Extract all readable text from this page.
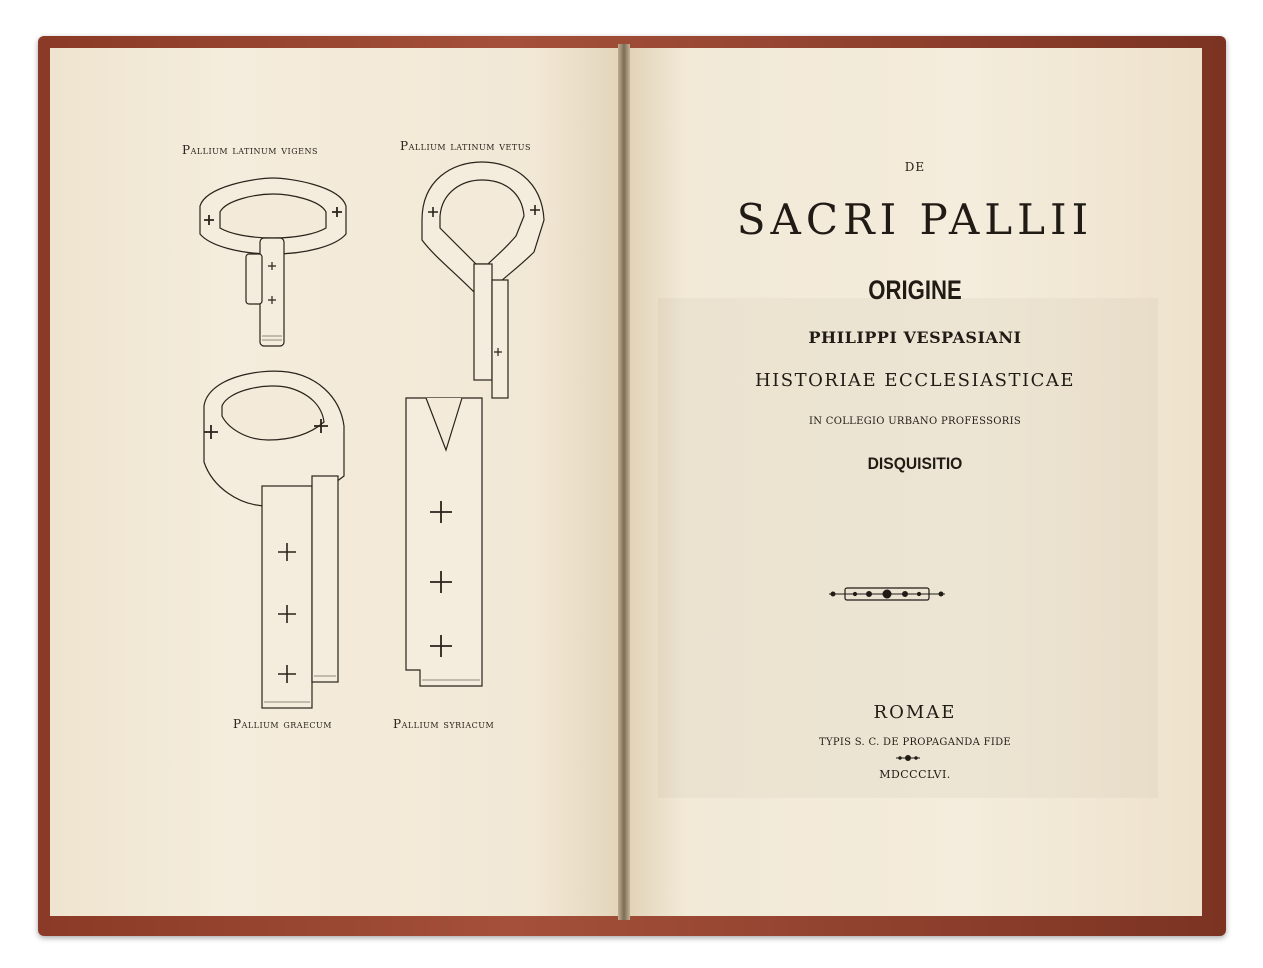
Pallium latinum vigens	Pallium latinum vetus
Pallium graecum	Pallium syriacum
DE
SACRI PALLII
ORIGINE
PHILIPPI VESPASIANI
HISTORIAE ECCLESIASTICAE
IN COLLEGIO URBANO PROFESSORIS
DISQUISITIO
ROMAE
TYPIS S. C. DE PROPAGANDA FIDE
MDCCCLVI.
